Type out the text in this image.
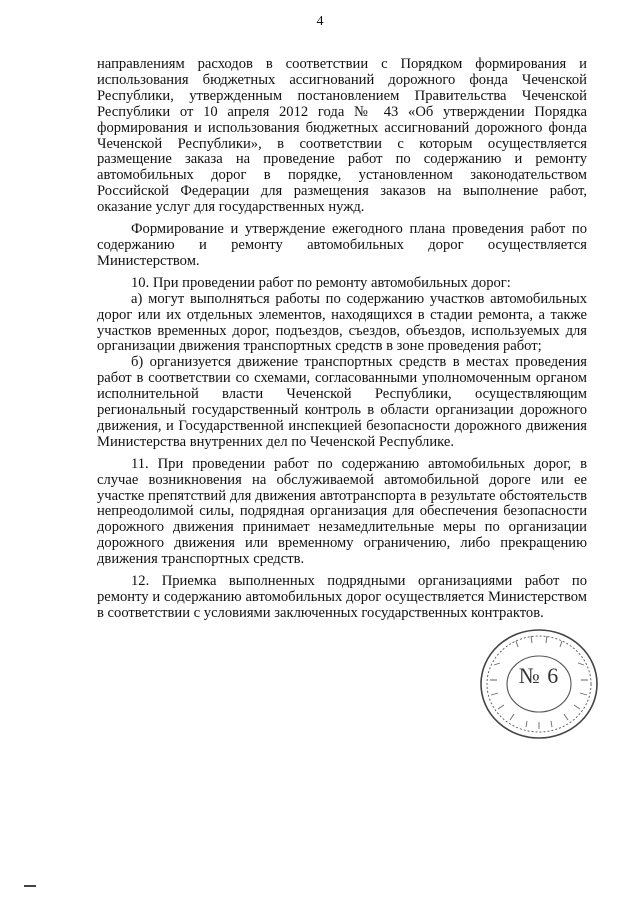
4

направлениям расходов в соответствии с Порядком формирования и использования бюджетных ассигнований дорожного фонда Чеченской Республики, утвержденным постановлением Правительства Чеченской Республики от 10 апреля 2012 года № 43 «Об утверждении Порядка формирования и использования бюджетных ассигнований дорожного фонда Чеченской Республики», в соответствии с которым осуществляется размещение заказа на проведение работ по содержанию и ремонту автомобильных дорог в порядке, установленном законодательством Российской Федерации для размещения заказов на выполнение работ, оказание услуг для государственных нужд.

Формирование и утверждение ежегодного плана проведения работ по содержанию и ремонту автомобильных дорог осуществляется Министерством.

10. При проведении работ по ремонту автомобильных дорог:

а) могут выполняться работы по содержанию участков автомобильных дорог или их отдельных элементов, находящихся в стадии ремонта, а также участков временных дорог, подъездов, съездов, объездов, используемых для организации движения транспортных средств в зоне проведения работ;

б) организуется движение транспортных средств в местах проведения работ в соответствии со схемами, согласованными уполномоченным органом исполнительной власти Чеченской Республики, осуществляющим региональный государственный контроль в области организации дорожного движения, и Государственной инспекцией безопасности дорожного движения Министерства внутренних дел по Чеченской Республике.

11. При проведении работ по содержанию автомобильных дорог, в случае возникновения на обслуживаемой автомобильной дороге или ее участке препятствий для движения автотранспорта в результате обстоятельств непреодолимой силы, подрядная организация для обеспечения безопасности дорожного движения принимает незамедлительные меры по организации дорожного движения или временному ограничению, либо прекращению движения транспортных средств.

12. Приемка выполненных подрядными организациями работ по ремонту и содержанию автомобильных дорог осуществляется Министерством в соответствии с условиями заключенных государственных контрактов.

№ 6
